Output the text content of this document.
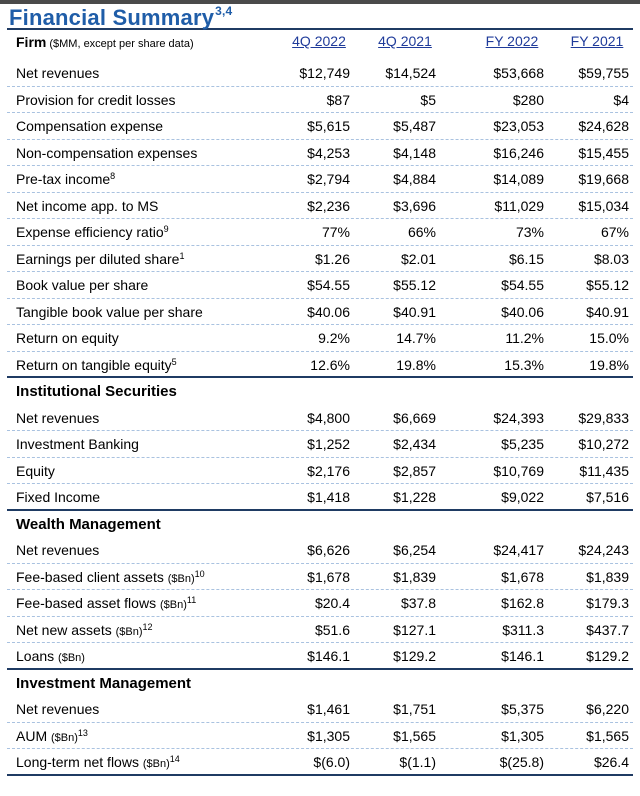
Financial Summary$^{3,4}$
Firm ($MM, except per share data)	4Q 2022	4Q 2021	FY 2022	FY 2021
Net revenues	$12,749	$14,524	$53,668 $59,755
Provision for credit losses	$87	$5	$280	$4
Compensation expense	$5,615	$5,487	$23,053 $24,628
Non-compensation expenses	$4,253	$4,148	$16,246 $15,455
Pre-tax income$^8$	$2,794	$4,884	$14,089 $19,668
Net income app. to MS	$2,236	$3,696	$11,029 $15,034
Expense efficiency ratio$^9$	77%	66%	73%	67%
Earnings per diluted share$^1$	$1.26	$2.01	$6.15	$8.03
Book value per share	$54.55	$55.12	$54.55	$55.12
Tangible book value per share	$40.06	$40.91	$40.06	$40.91
Return on equity	9.2%	14.7%	11.2%	15.0%
Return on tangible equity$^5$	12.6%	19.8%	15.3%	19.8%
Institutional Securities
Net revenues	$4,800	$6,669	$24,393 $29,833
Investment Banking	$1,252	$2,434	$5,235 $10,272
Equity	$2,176	$2,857	$10,769	$11,435
Fixed Income	$1,418	$1,228	$9,022	$7,516
Wealth Management
Net revenues	$6,626	$6,254	$24,417 $24,243
Fee-based client assets ($Bn)$^{10}$	$1,678	$1,839	$1,678	$1,839
Fee-based asset flows ($Bn)$^{11}$	$20.4	$37.8	$162.8	$179.3
Net new assets ($Bn)$^{12}$	$51.6	$127.1	$311.3	$437.7
Loans ($Bn)	$146.1	$129.2	$146.1	$129.2
Investment Management
Net revenues	$1,461	$1,751	$5,375	$6,220
AUM ($Bn)$^{13}$	$1,305	$1,565	$1,305	$1,565
Long-term net flows ($Bn)$^{14}$	$(6.0)	$(1.1)	$(25.8)	$26.4
